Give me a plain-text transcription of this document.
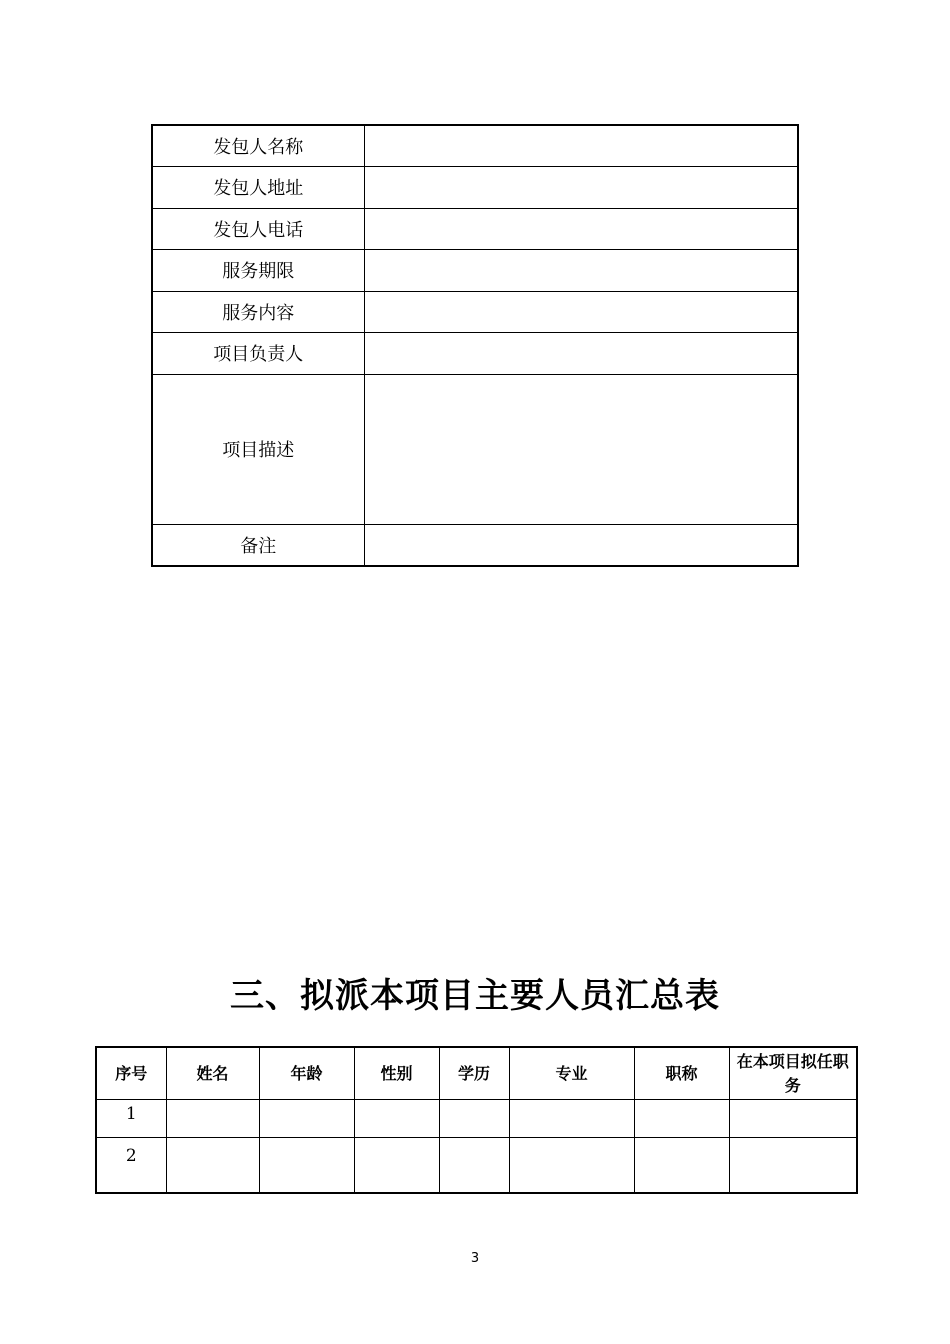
发包人名称	
发包人地址	
发包人电话	
服务期限	
服务内容	
项目负责人	
项目描述	
备注	
三、拟派本项目主要人员汇总表
序号	姓名	年龄	性别	学历	专业	职称	在本项目拟任职务
1							
2							
3
